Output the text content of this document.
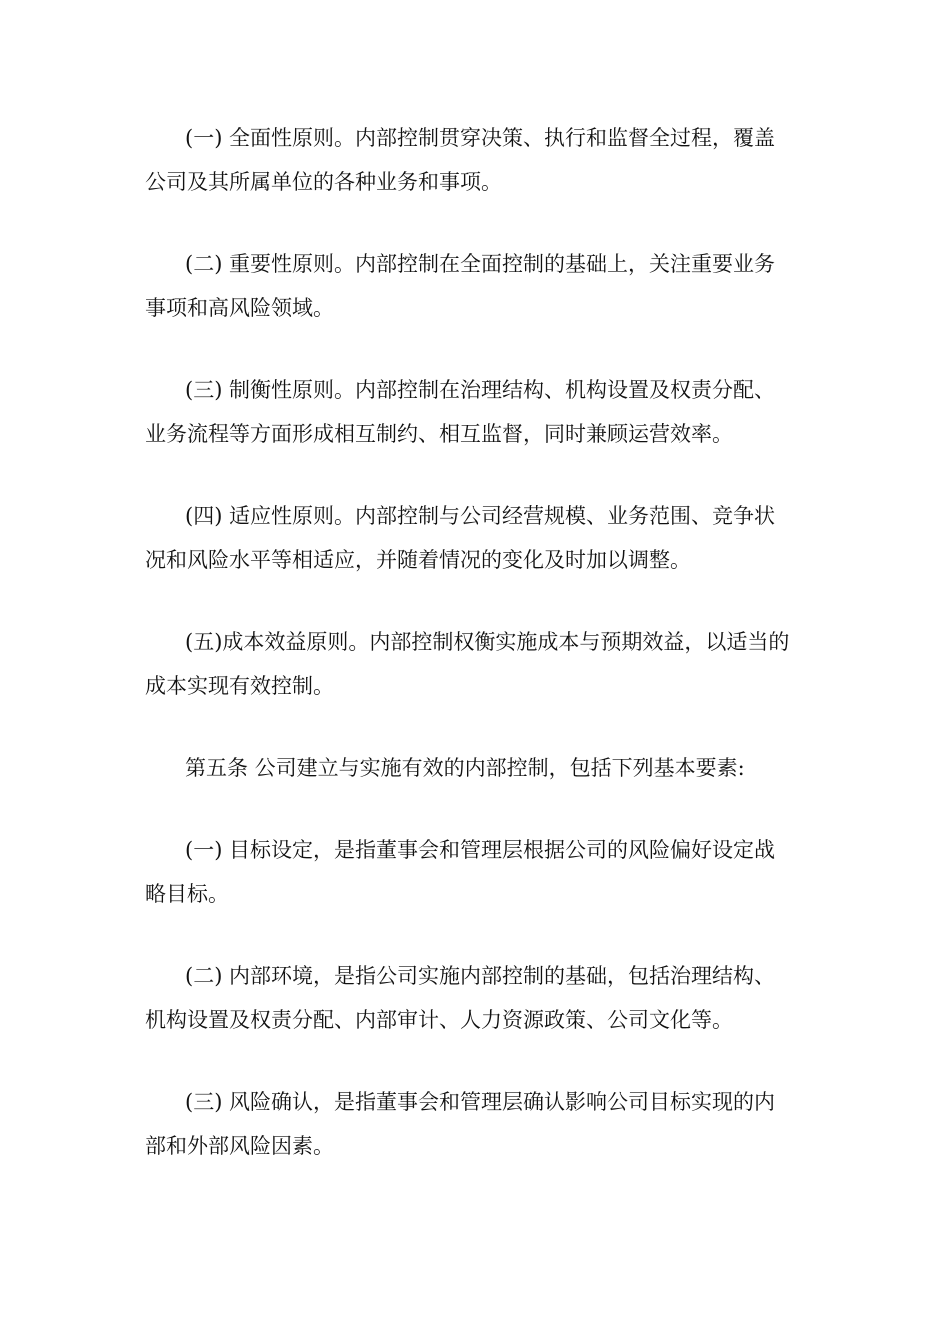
(一) 全面性原则。内部控制贯穿决策、执行和监督全过程，覆盖
公司及其所属单位的各种业务和事项。

(二) 重要性原则。内部控制在全面控制的基础上，关注重要业务
事项和高风险领域。

(三) 制衡性原则。内部控制在治理结构、机构设置及权责分配、
业务流程等方面形成相互制约、相互监督，同时兼顾运营效率。

(四) 适应性原则。内部控制与公司经营规模、业务范围、竞争状
况和风险水平等相适应，并随着情况的变化及时加以调整。

(五)成本效益原则。内部控制权衡实施成本与预期效益，以适当的
成本实现有效控制。

第五条 公司建立与实施有效的内部控制，包括下列基本要素:

(一) 目标设定，是指董事会和管理层根据公司的风险偏好设定战
略目标。

(二) 内部环境，是指公司实施内部控制的基础，包括治理结构、
机构设置及权责分配、内部审计、人力资源政策、公司文化等。

(三) 风险确认，是指董事会和管理层确认影响公司目标实现的内
部和外部风险因素。
